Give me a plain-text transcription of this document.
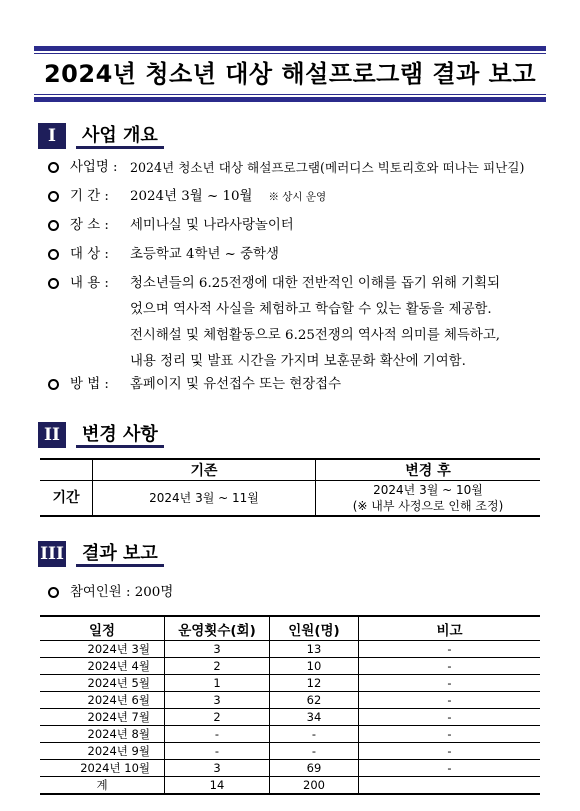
2024년 청소년 대상 해설프로그램 결과 보고
I	사업 개요
사업명 : 2024년 청소년 대상 해설프로그램(메러디스 빅토리호와 떠나는 피난길)
기 간 :	2024년 3월 ~ 10월 ※ 상시 운영
장 소 :	세미나실 및 나라사랑놀이터
대 상 :	초등학교 4학년 ~ 중학생
내 용 :	청소년들의 6.25전쟁에 대한 전반적인 이해를 돕기 위해 기획되
었으며 역사적 사실을 체험하고 학습할 수 있는 활동을 제공함.
전시해설 및 체험활동으로 6.25전쟁의 역사적 의미를 체득하고,
내용 정리 및 발표 시간을 가지며 보훈문화 확산에 기여함.
방 법 :	홈페이지 및 유선접수 또는 현장접수
II	변경 사항
	기존	변경 후
기간	2024년 3월 ~ 11월	2024년 3월 ~ 10월
(※ 내부 사정으로 인해 조정)
III	결과 보고
참여인원 : 200명
일정	운영횟수(회)	인원(명)	비고
2024년 3월	3	13	-
2024년 4월	2	10	-
2024년 5월	1	12	-
2024년 6월	3	62	-
2024년 7월	2	34	-
2024년 8월	-	-	-
2024년 9월	-	-	-
2024년 10월	3	69	-
계	14	200	
